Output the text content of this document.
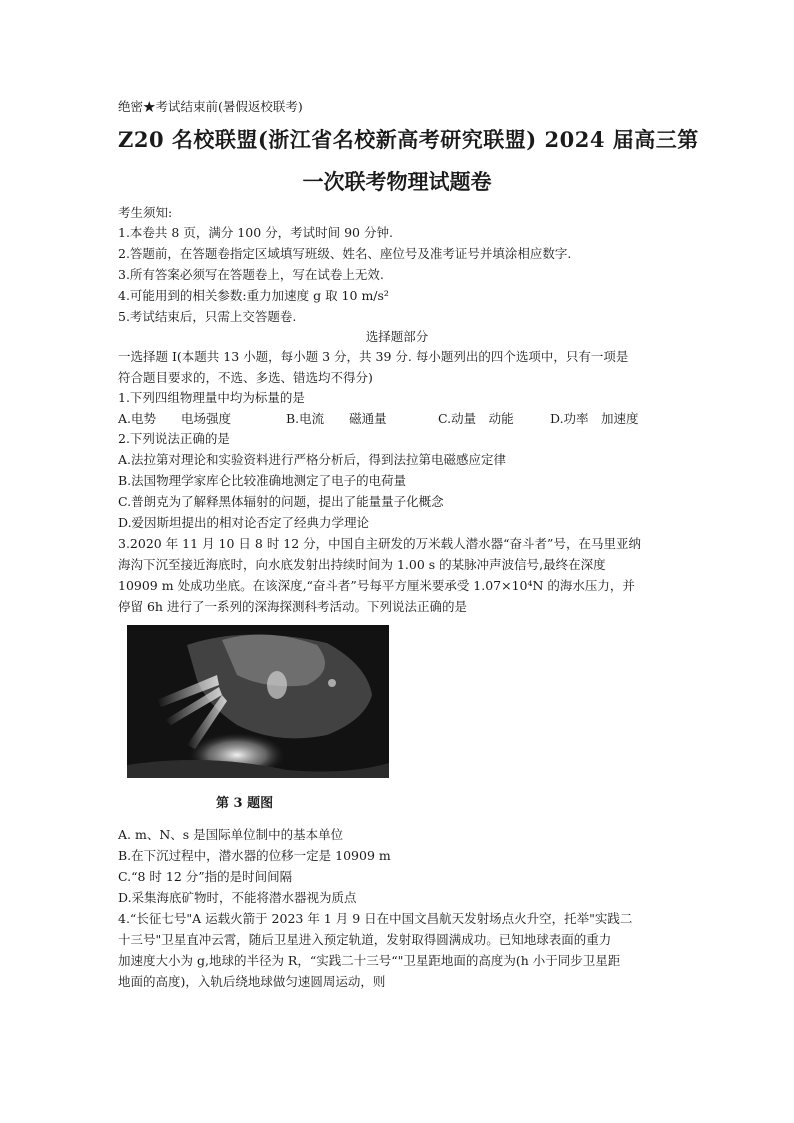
绝密★考试结束前(暑假返校联考)
Z20 名校联盟(浙江省名校新高考研究联盟) 2024 届高三第
一次联考物理试题卷
考生须知:
1.本卷共 8 页，满分 100 分，考试时间 90 分钟.
2.答题前，在答题卷指定区域填写班级、姓名、座位号及准考证号并填涂相应数字.
3.所有答案必须写在答题卷上，写在试卷上无效.
4.可能用到的相关参数:重力加速度 g 取 10 m/s²
5.考试结束后，只需上交答题卷.
选择题部分
一选择题 I(本题共 13 小题，每小题 3 分，共 39 分. 每小题列出的四个选项中，只有一项是
符合题目要求的，不选、多选、错选均不得分)
1.下列四组物理量中均为标量的是
A.电势　　电场强度	B.电流　　磁通量	C.动量　动能	D.功率　加速度
2.下列说法正确的是
A.法拉第对理论和实验资料进行严格分析后，得到法拉第电磁感应定律
B.法国物理学家库仑比较准确地测定了电子的电荷量
C.普朗克为了解释黑体辐射的问题，提出了能量量子化概念
D.爱因斯坦提出的相对论否定了经典力学理论
3.2020 年 11 月 10 日 8 时 12 分，中国自主研发的万米载人潜水器“奋斗者”号，在马里亚纳
海沟下沉至接近海底时，向水底发射出持续时间为 1.00 s 的某脉冲声波信号,最终在深度
10909 m 处成功坐底。在该深度,“奋斗者”号每平方厘米要承受 1.07×10⁴N 的海水压力，并
停留 6h 进行了一系列的深海探测科考活动。下列说法正确的是
第 3 题图
A. m、N、s 是国际单位制中的基本单位
B.在下沉过程中，潜水器的位移一定是 10909 m
C.“8 时 12 分”指的是时间间隔
D.采集海底矿物时，不能将潜水器视为质点
4.“长征七号"A 运载火箭于 2023 年 1 月 9 日在中国文昌航天发射场点火升空，托举"实践二
十三号"卫星直冲云霄，随后卫星进入预定轨道，发射取得圆满成功。已知地球表面的重力
加速度大小为 g,地球的半径为 R，“实践二十三号“"卫星距地面的高度为(h 小于同步卫星距
地面的高度)，入轨后绕地球做匀速圆周运动，则
